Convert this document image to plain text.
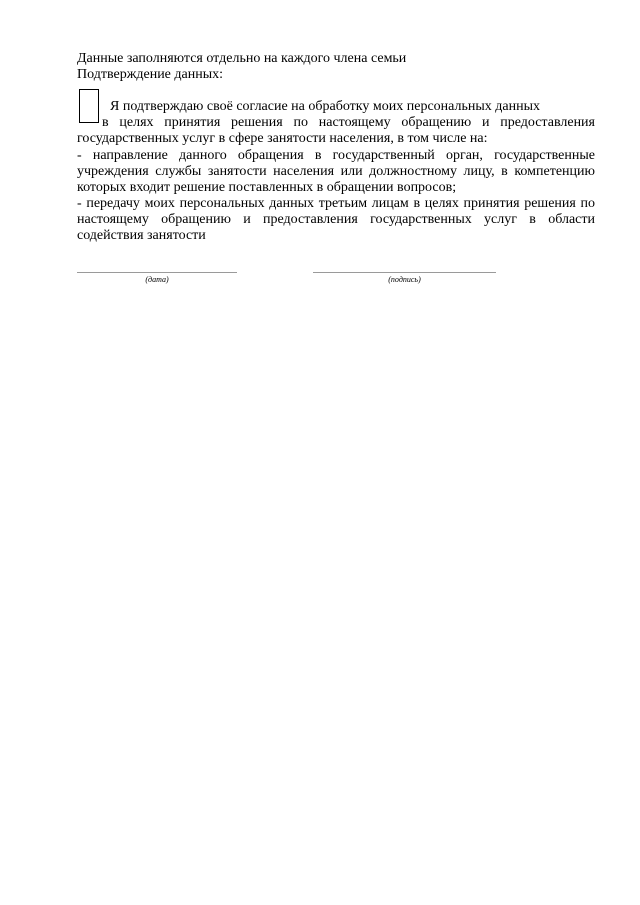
Данные заполняются отдельно на каждого члена семьи
Подтверждение данных:
Я подтверждаю своё согласие на обработку моих персональных данных
в целях принятия решения по настоящему обращению и предоставления
государственных услуг в сфере занятости населения, в том числе на:
- направление данного обращения в государственный орган, государственные
учреждения службы занятости населения или должностному лицу, в компетенцию
которых входит решение поставленных в обращении вопросов;
- передачу моих персональных данных третьим лицам в целях принятия решения по
настоящему обращению и предоставления государственных услуг в области
содействия занятости
(дата)	(подпись)
